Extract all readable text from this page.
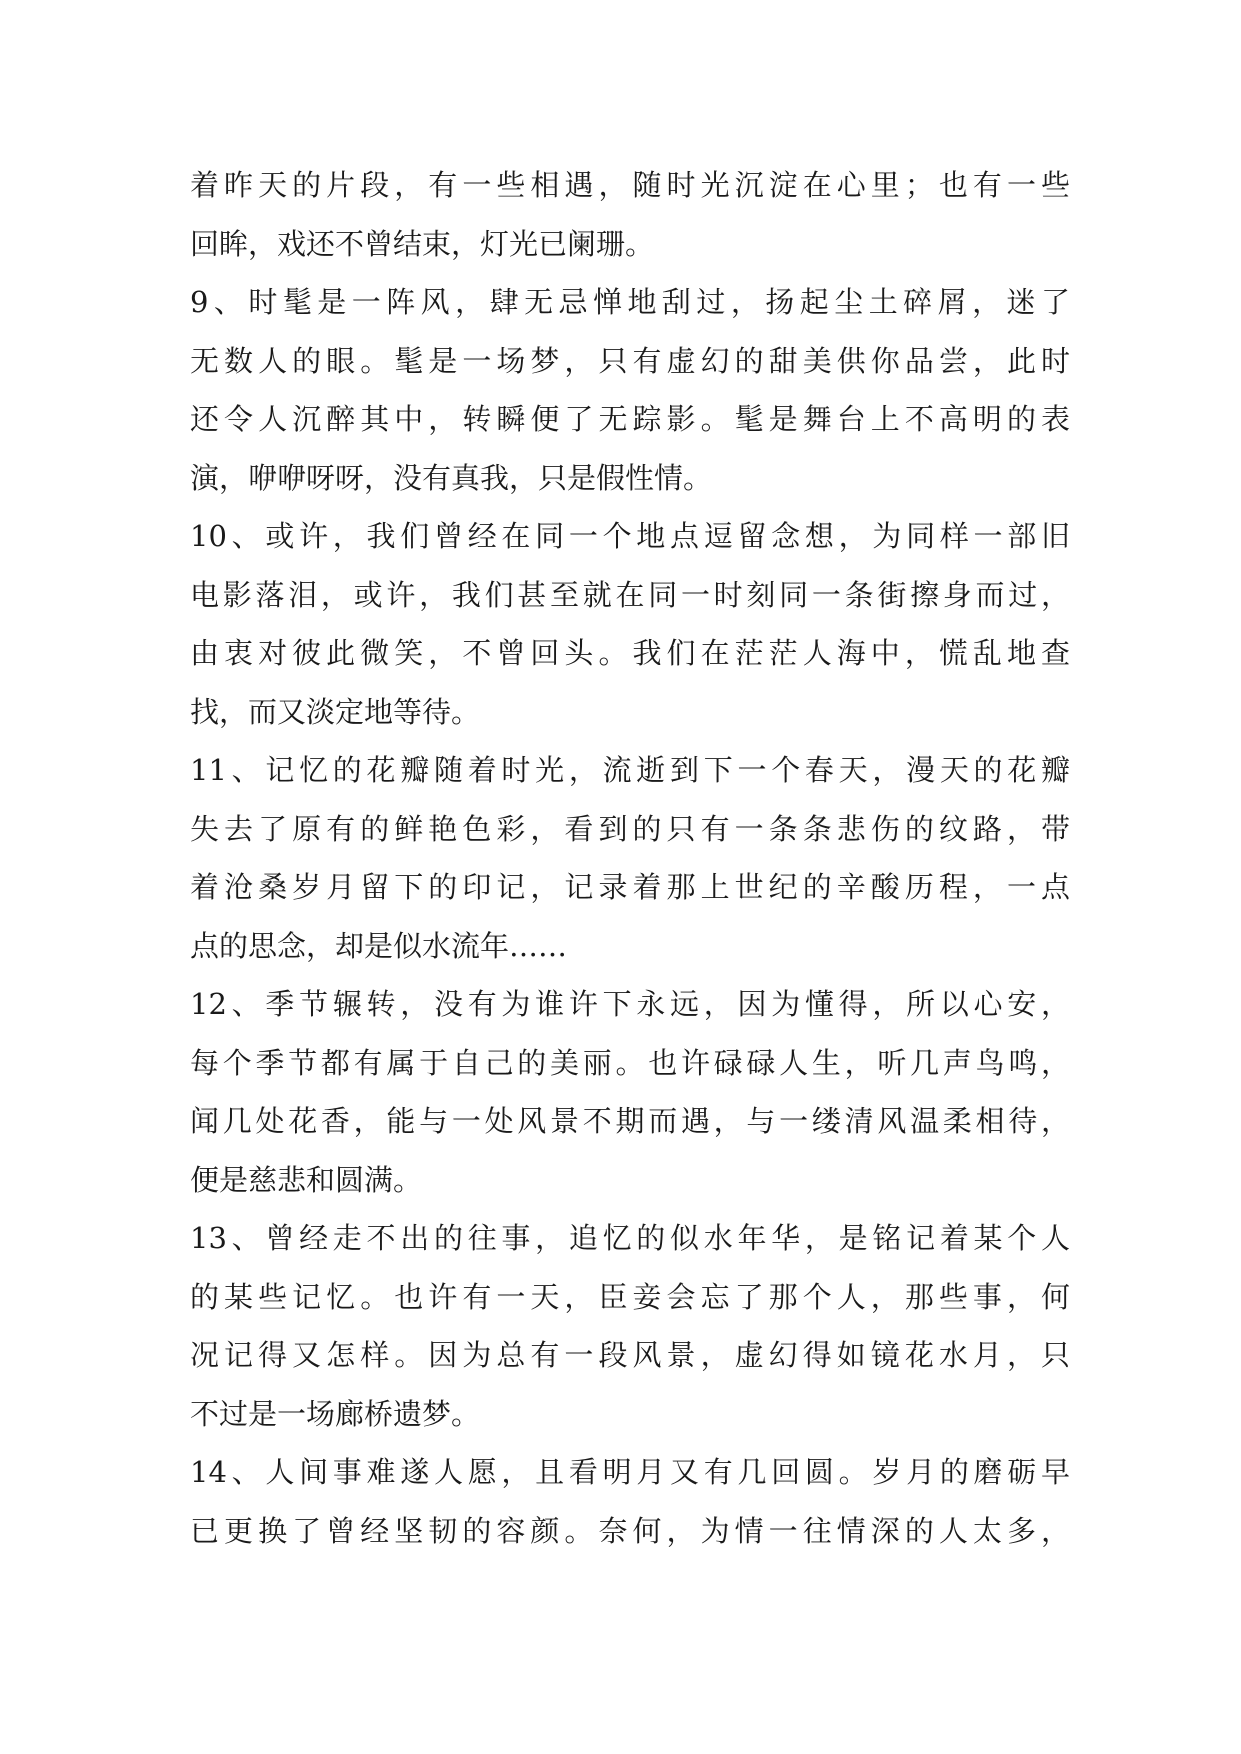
着昨天的片段，有一些相遇，随时光沉淀在心里；也有一些
回眸，戏还不曾结束，灯光已阑珊。
9、时髦是一阵风，肆无忌惮地刮过，扬起尘土碎屑，迷了
无数人的眼。髦是一场梦，只有虚幻的甜美供你品尝，此时
还令人沉醉其中，转瞬便了无踪影。髦是舞台上不高明的表
演，咿咿呀呀，没有真我，只是假性情。
10、或许，我们曾经在同一个地点逗留念想，为同样一部旧
电影落泪，或许，我们甚至就在同一时刻同一条街擦身而过，
由衷对彼此微笑，不曾回头。我们在茫茫人海中，慌乱地查
找，而又淡定地等待。
11、记忆的花瓣随着时光，流逝到下一个春天，漫天的花瓣
失去了原有的鲜艳色彩，看到的只有一条条悲伤的纹路，带
着沧桑岁月留下的印记，记录着那上世纪的辛酸历程，一点
点的思念，却是似水流年……
12、季节辗转，没有为谁许下永远，因为懂得，所以心安，
每个季节都有属于自己的美丽。也许碌碌人生，听几声鸟鸣，
闻几处花香，能与一处风景不期而遇，与一缕清风温柔相待，
便是慈悲和圆满。
13、曾经走不出的往事，追忆的似水年华，是铭记着某个人
的某些记忆。也许有一天，臣妾会忘了那个人，那些事，何
况记得又怎样。因为总有一段风景，虚幻得如镜花水月，只
不过是一场廊桥遗梦。
14、人间事难遂人愿，且看明月又有几回圆。岁月的磨砺早
已更换了曾经坚韧的容颜。奈何，为情一往情深的人太多，
